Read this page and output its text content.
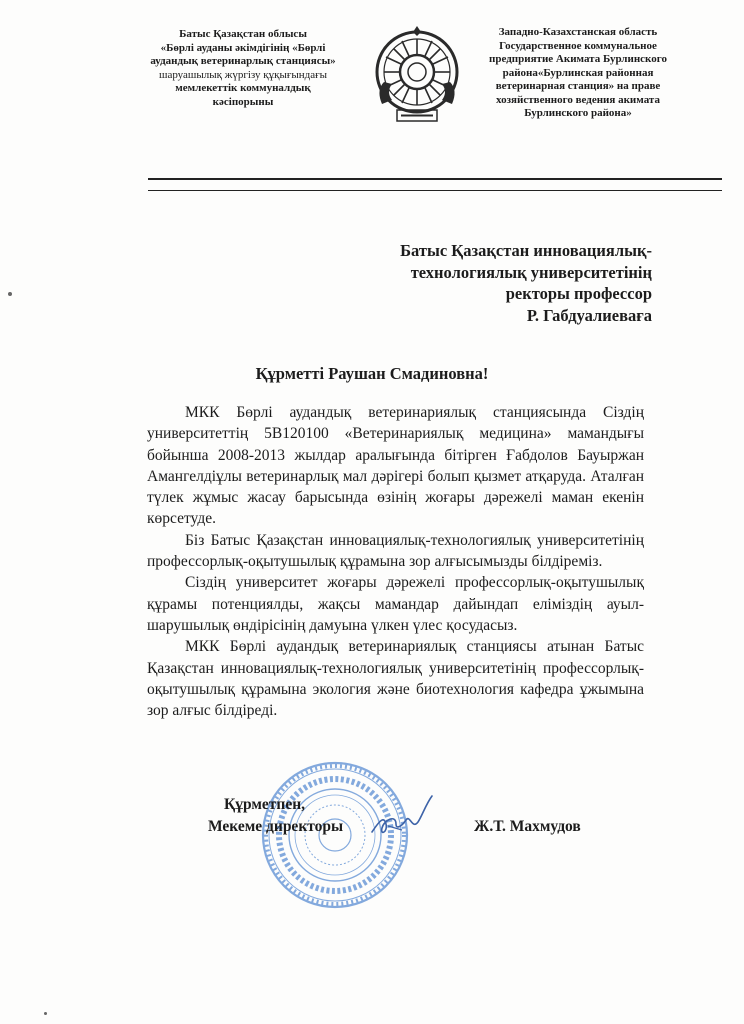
Батыс Қазақстан облысы
«Бөрлі ауданы әкімдігінің «Бөрлі
аудандық ветеринарлық станциясы»
шаруашылық жүргізу құқығындағы
мемлекеттік коммуналдық
кәсіпорыны
Западно-Казахстанская область
Государственное коммунальное
предприятие Акимата Бурлинского
района«Бурлинская районная
ветеринарная станция» на праве
хозяйственного ведения акимата
Бурлинского района»
Батыс Қазақстан инновациялық-
технологиялық университетінің
ректоры профессор
Р. Габдуалиеваға
Құрметті Раушан Смадиновна!

МКК Бөрлі аудандық ветеринариялық станциясында Сіздің университеттің 5В120100 «Ветеринариялық медицина» мамандығы бойынша 2008-2013 жылдар аралығында бітірген Ғабдолов Бауыржан Амангелдіұлы ветеринарлық мал дәрігері болып қызмет атқаруда. Аталған түлек жұмыс жасау барысында өзінің жоғары дәрежелі маман екенін көрсетуде.

Біз Батыс Қазақстан инновациялық-технологиялық университетінің профессорлық-оқытушылық құрамына зор алғысымызды білдіреміз.

Сіздің университет жоғары дәрежелі профессорлық-оқытушылық құрамы потенциялды, жақсы мамандар дайындап еліміздің ауыл-шарушылық өндірісінің дамуына үлкен үлес қосудасыз.

МКК Бөрлі аудандық ветеринариялық станциясы атынан Батыс Қазақстан инновациялық-технологиялық университетінің профессорлық-оқытушылық құрамына экология және биотехнология кафедра ұжымына зор алғыс білдіреді.

Құрметпен,
Мекеме директоры	Ж.Т. Махмудов
